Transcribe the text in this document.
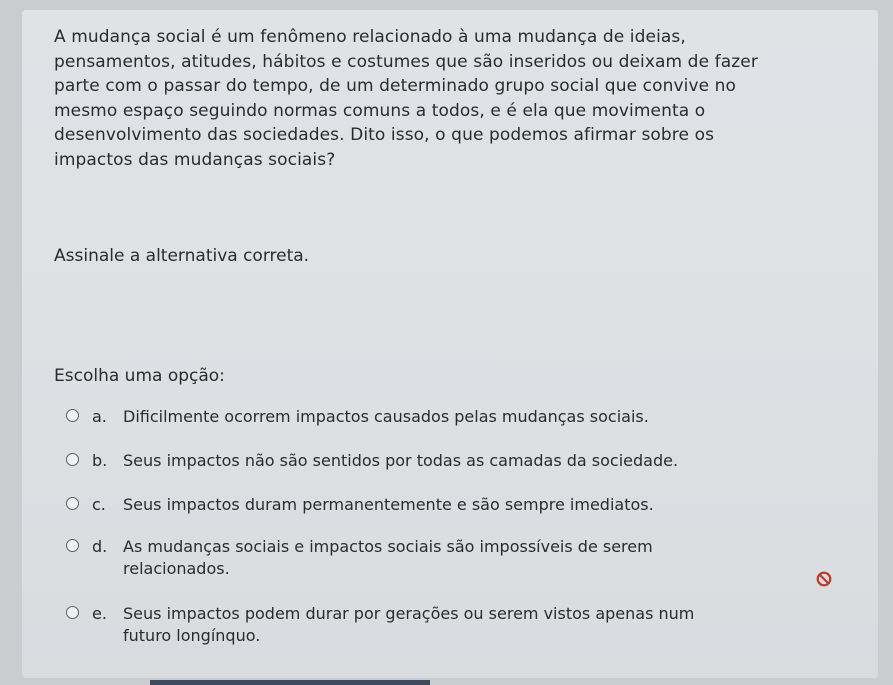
A mudança social é um fenômeno relacionado à uma mudança de ideias,
pensamentos, atitudes, hábitos e costumes que são inseridos ou deixam de fazer
parte com o passar do tempo, de um determinado grupo social que convive no
mesmo espaço seguindo normas comuns a todos, e é ela que movimenta o
desenvolvimento das sociedades. Dito isso, o que podemos afirmar sobre os
impactos das mudanças sociais?
Assinale a alternativa correta.
Escolha uma opção:
a.	Dificilmente ocorrem impactos causados pelas mudanças sociais.
b. Seus impactos não são sentidos por todas as camadas da sociedade.
c.	Seus impactos duram permanentemente e são sempre imediatos.
d. As mudanças sociais e impactos sociais são impossíveis de serem
relacionados.
e.	Seus impactos podem durar por gerações ou serem vistos apenas num
futuro longínquo.
